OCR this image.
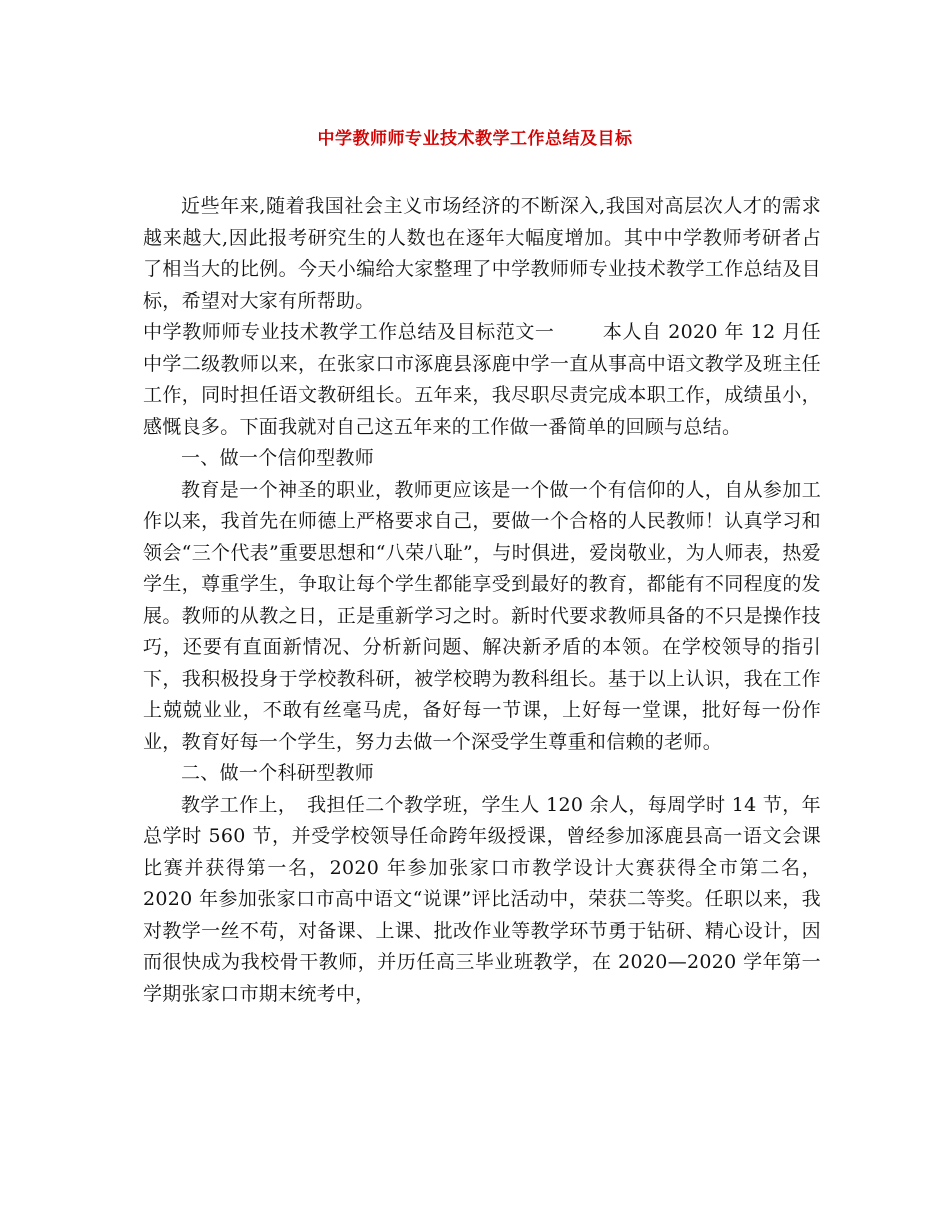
中学教师师专业技术教学工作总结及目标

近些年来,随着我国社会主义市场经济的不断深入,我国对高层次人才的需求越来越大,因此报考研究生的人数也在逐年大幅度增加。其中中学教师考研者占了相当大的比例。今天小编给大家整理了中学教师师专业技术教学工作总结及目标，希望对大家有所帮助。

中学教师师专业技术教学工作总结及目标范文一	本人自 2020 年 12 月任中学二级教师以来，在张家口市涿鹿县涿鹿中学一直从事高中语文教学及班主任工作，同时担任语文教研组长。五年来，我尽职尽责完成本职工作，成绩虽小，感慨良多。下面我就对自己这五年来的工作做一番简单的回顾与总结。

一、做一个信仰型教师

教育是一个神圣的职业，教师更应该是一个做一个有信仰的人，自从参加工作以来，我首先在师德上严格要求自己，要做一个合格的人民教师！认真学习和领会“三个代表”重要思想和“八荣八耻”，与时俱进，爱岗敬业，为人师表，热爱学生，尊重学生，争取让每个学生都能享受到最好的教育，都能有不同程度的发展。教师的从教之日，正是重新学习之时。新时代要求教师具备的不只是操作技巧，还要有直面新情况、分析新问题、解决新矛盾的本领。在学校领导的指引下，我积极投身于学校教科研，被学校聘为教科组长。基于以上认识，我在工作上兢兢业业，不敢有丝毫马虎，备好每一节课，上好每一堂课，批好每一份作业，教育好每一个学生，努力去做一个深受学生尊重和信赖的老师。

二、做一个科研型教师

教学工作上，　我担任二个教学班，学生人 120 余人，每周学时 14 节，年总学时 560 节，并受学校领导任命跨年级授课，曾经参加涿鹿县高一语文会课比赛并获得第一名，2020 年参加张家口市教学设计大赛获得全市第二名，2020 年参加张家口市高中语文“说课”评比活动中，荣获二等奖。任职以来，我对教学一丝不苟，对备课、上课、批改作业等教学环节勇于钻研、精心设计，因而很快成为我校骨干教师，并历任高三毕业班教学，在 2020—2020 学年第一学期张家口市期末统考中，
